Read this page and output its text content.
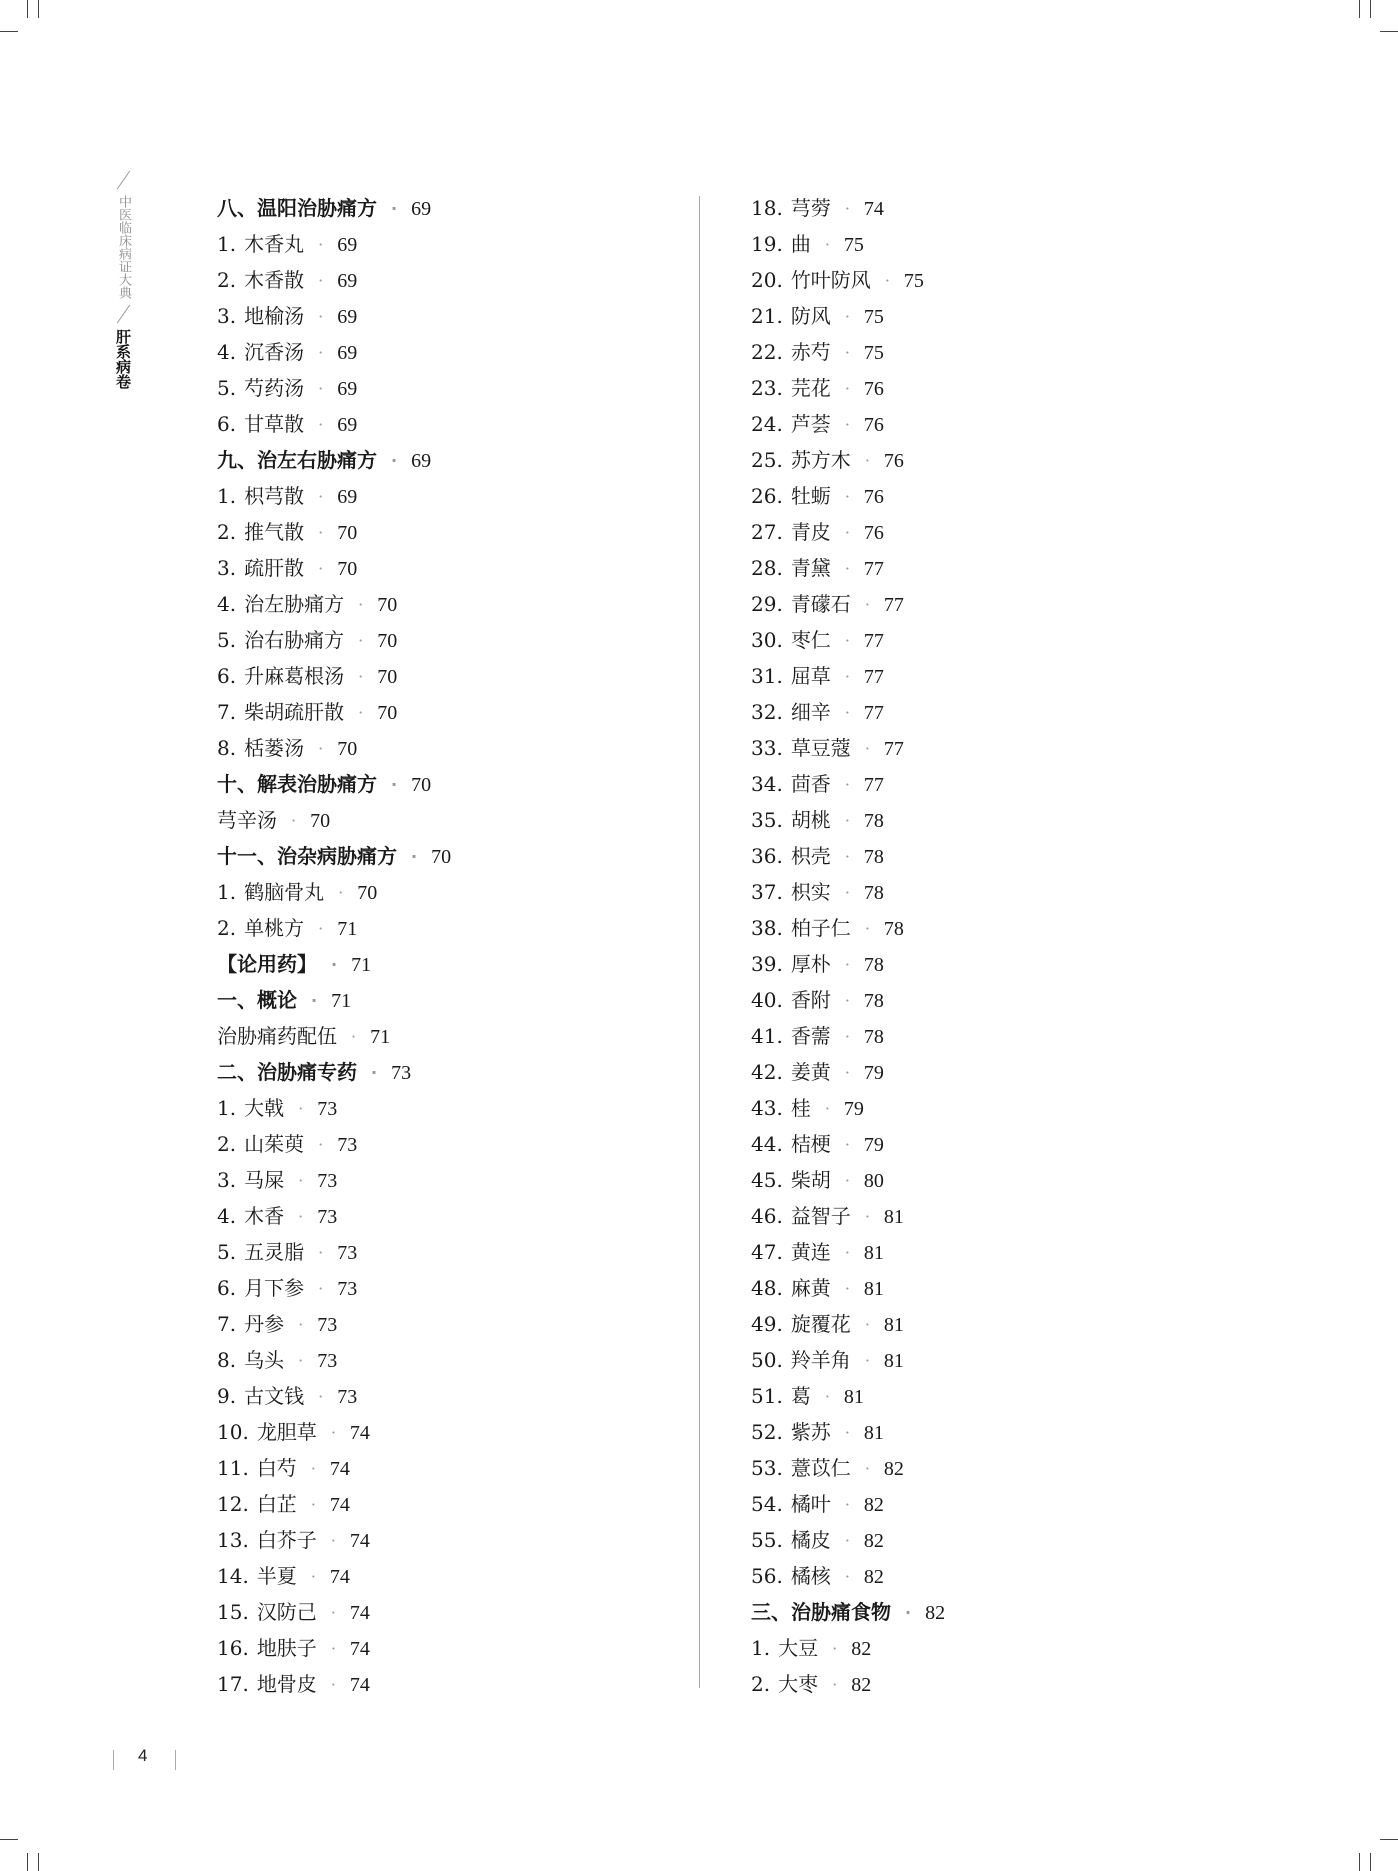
中医临床病证大典
肝系病卷
八、温阳治胁痛方 · 69
1. 木香丸 · 69
2. 木香散 · 69
3. 地榆汤 · 69
4. 沉香汤 · 69
5. 芍药汤 · 69
6. 甘草散 · 69
九、治左右胁痛方 · 69
1. 枳芎散 · 69
2. 推气散 · 70
3. 疏肝散 · 70
4. 治左胁痛方 · 70
5. 治右胁痛方 · 70
6. 升麻葛根汤 · 70
7. 柴胡疏肝散 · 70
8. 栝蒌汤 · 70
十、解表治胁痛方 · 70
芎辛汤 · 70
十一、治杂病胁痛方 · 70
1. 鹤脑骨丸 · 70
2. 单桃方 · 71
【论用药】 · 71
一、概论 · 71
治胁痛药配伍 · 71
二、治胁痛专药 · 73
1. 大戟 · 73
2. 山茱萸 · 73
3. 马屎 · 73
4. 木香 · 73
5. 五灵脂 · 73
6. 月下参 · 73
7. 丹参 · 73
8. 乌头 · 73
9. 古文钱 · 73
10. 龙胆草 · 74
11. 白芍 · 74
12. 白芷 · 74
13. 白芥子 · 74
14. 半夏 · 74
15. 汉防己 · 74
16. 地肤子 · 74
17. 地骨皮 · 74
18. 芎䓖 · 74
19. 曲 · 75
20. 竹叶防风 · 75
21. 防风 · 75
22. 赤芍 · 75
23. 芫花 · 76
24. 芦荟 · 76
25. 苏方木 · 76
26. 牡蛎 · 76
27. 青皮 · 76
28. 青黛 · 77
29. 青礞石 · 77
30. 枣仁 · 77
31. 屈草 · 77
32. 细辛 · 77
33. 草豆蔻 · 77
34. 茴香 · 77
35. 胡桃 · 78
36. 枳壳 · 78
37. 枳实 · 78
38. 柏子仁 · 78
39. 厚朴 · 78
40. 香附 · 78
41. 香薷 · 78
42. 姜黄 · 79
43. 桂 · 79
44. 桔梗 · 79
45. 柴胡 · 80
46. 益智子 · 81
47. 黄连 · 81
48. 麻黄 · 81
49. 旋覆花 · 81
50. 羚羊角 · 81
51. 葛 · 81
52. 紫苏 · 81
53. 薏苡仁 · 82
54. 橘叶 · 82
55. 橘皮 · 82
56. 橘核 · 82
三、治胁痛食物 · 82
1. 大豆 · 82
2. 大枣 · 82
4
